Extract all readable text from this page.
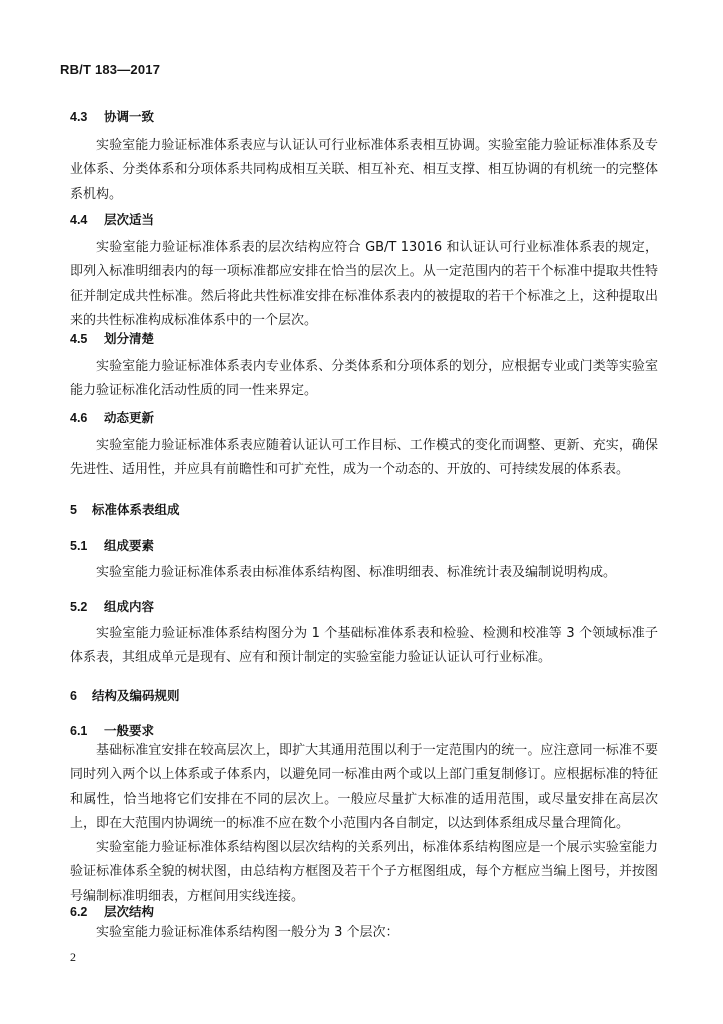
RB/T 183—2017
4.3 协调一致

实验室能力验证标准体系表应与认证认可行业标准体系表相互协调。实验室能力验证标准体系及专业体系、分类体系和分项体系共同构成相互关联、相互补充、相互支撑、相互协调的有机统一的完整体系机构。

4.4 层次适当

实验室能力验证标准体系表的层次结构应符合 GB/T 13016 和认证认可行业标准体系表的规定，即列入标准明细表内的每一项标准都应安排在恰当的层次上。从一定范围内的若干个标准中提取共性特征并制定成共性标准。然后将此共性标准安排在标准体系表内的被提取的若干个标准之上，这种提取出来的共性标准构成标准体系中的一个层次。

4.5 划分清楚

实验室能力验证标准体系表内专业体系、分类体系和分项体系的划分，应根据专业或门类等实验室能力验证标准化活动性质的同一性来界定。

4.6 动态更新

实验室能力验证标准体系表应随着认证认可工作目标、工作模式的变化而调整、更新、充实，确保先进性、适用性，并应具有前瞻性和可扩充性，成为一个动态的、开放的、可持续发展的体系表。

5 标准体系表组成
5.1 组成要素

实验室能力验证标准体系表由标准体系结构图、标准明细表、标准统计表及编制说明构成。

5.2 组成内容

实验室能力验证标准体系结构图分为 1 个基础标准体系表和检验、检测和校准等 3 个领域标准子体系表，其组成单元是现有、应有和预计制定的实验室能力验证认证认可行业标准。

6 结构及编码规则
6.1 一般要求

基础标准宜安排在较高层次上，即扩大其通用范围以利于一定范围内的统一。应注意同一标准不要同时列入两个以上体系或子体系内，以避免同一标准由两个或以上部门重复制修订。应根据标准的特征和属性，恰当地将它们安排在不同的层次上。一般应尽量扩大标准的适用范围，或尽量安排在高层次上，即在大范围内协调统一的标准不应在数个小范围内各自制定，以达到体系组成尽量合理简化。

实验室能力验证标准体系结构图以层次结构的关系列出，标准体系结构图应是一个展示实验室能力验证标准体系全貌的树状图，由总结构方框图及若干个子方框图组成，每个方框应当编上图号，并按图号编制标准明细表，方框间用实线连接。

6.2 层次结构

实验室能力验证标准体系结构图一般分为 3 个层次：

2
